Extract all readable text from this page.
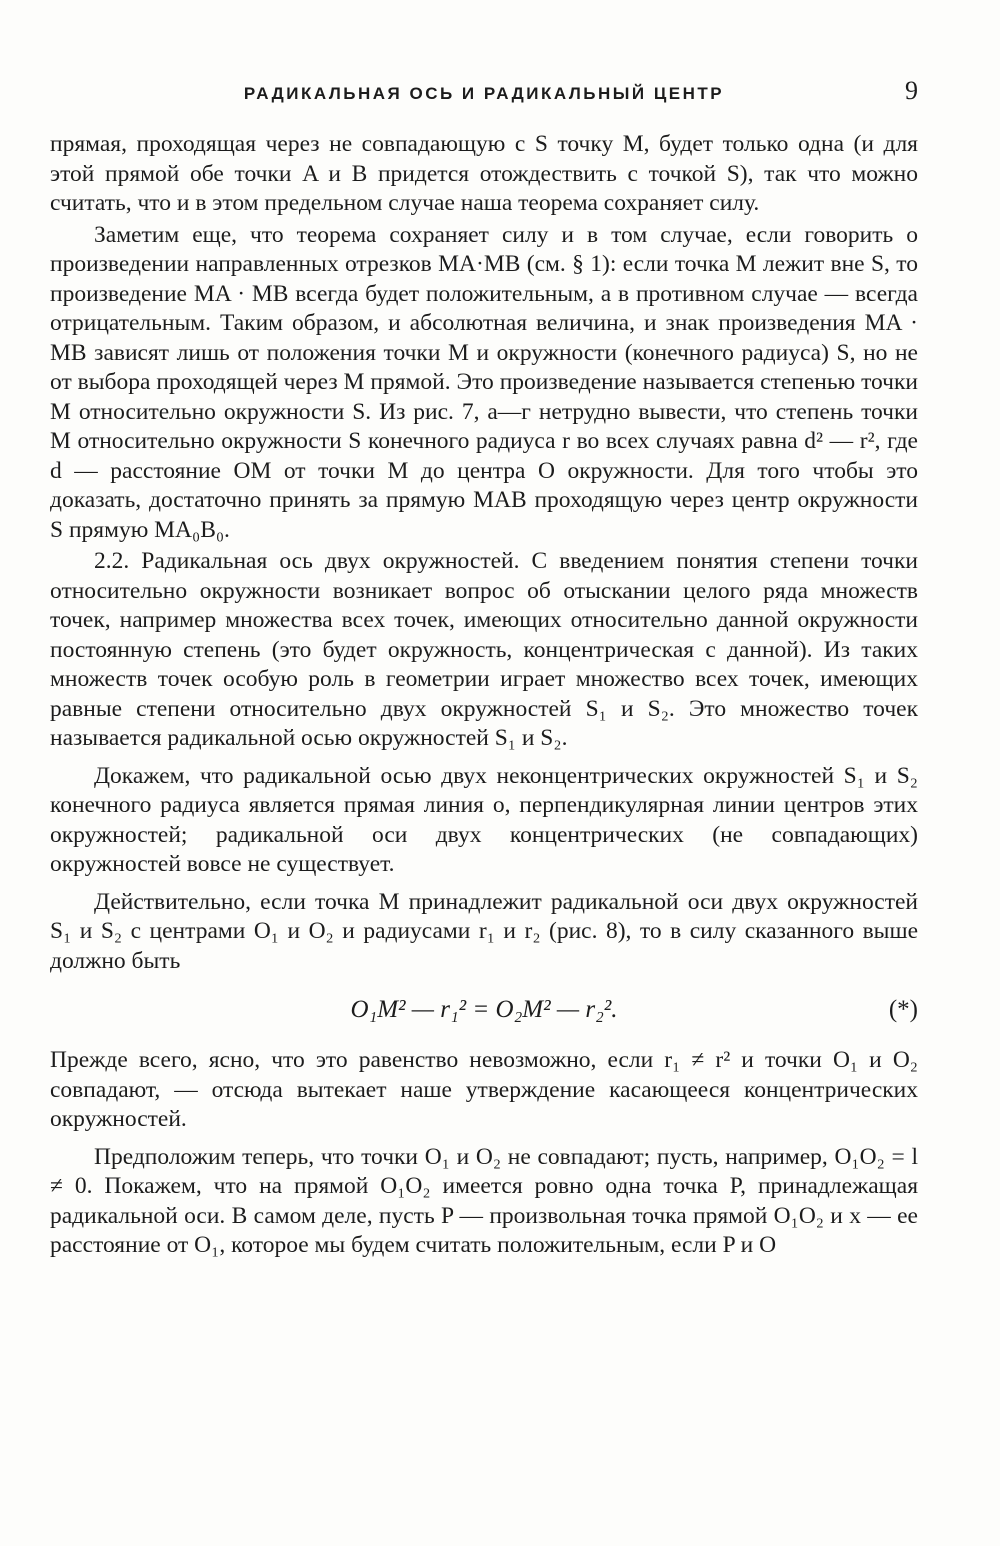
РАДИКАЛЬНАЯ ОСЬ И РАДИКАЛЬНЫЙ ЦЕНТР	9

прямая, проходящая через не совпадающую с S точку M, будет только одна (и для этой прямой обе точки A и B придется отождествить с точкой S), так что можно считать, что и в этом предельном случае наша теорема сохраняет силу.

Заметим еще, что теорема сохраняет силу и в том случае, если говорить о произведении направленных отрезков MA·MB (см. § 1): если точка M лежит вне S, то произведение MA · MB всегда будет положительным, а в противном случае — всегда отрицательным. Таким образом, и абсолютная величина, и знак произведения MA · MB зависят лишь от положения точки M и окружности (конечного радиуса) S, но не от выбора проходящей через M прямой. Это произведение называется степенью точки M относительно окружности S. Из рис. 7, а—г нетрудно вывести, что степень точки M относительно окружности S конечного радиуса r во всех случаях равна d² — r², где d — расстояние OM от точки M до центра O окружности. Для того чтобы это доказать, достаточно принять за прямую MAB проходящую через центр окружности S прямую MA₀B₀.

2.2. Радикальная ось двух окружностей. С введением понятия степени точки относительно окружности возникает вопрос об отыскании целого ряда множеств точек, например множества всех точек, имеющих относительно данной окружности постоянную степень (это будет окружность, концентрическая с данной). Из таких множеств точек особую роль в геометрии играет множество всех точек, имеющих равные степени относительно двух окружностей S₁ и S₂. Это множество точек называется радикальной осью окружностей S₁ и S₂.

Докажем, что радикальной осью двух неконцентрических окружностей S₁ и S₂ конечного радиуса является прямая линия o, перпендикулярная линии центров этих окружностей; радикальной оси двух концентрических (не совпадающих) окружностей вовсе не существует.

Действительно, если точка M принадлежит радикальной оси двух окружностей S₁ и S₂ с центрами O₁ и O₂ и радиусами r₁ и r₂ (рис. 8), то в силу сказанного выше должно быть

O₁M² — r₁² = O₂M² — r₂².	(*)

Прежде всего, ясно, что это равенство невозможно, если r₁ ≠ r² и точки O₁ и O₂ совпадают, — отсюда вытекает наше утверждение касающееся концентрических окружностей.

Предположим теперь, что точки O₁ и O₂ не совпадают; пусть, например, O₁O₂ = l ≠ 0. Покажем, что на прямой O₁O₂ имеется ровно одна точка P, принадлежащая радикальной оси. В самом деле, пусть P — произвольная точка прямой O₁O₂ и x — ее расстояние от O₁, которое мы будем считать положительным, если P и O
